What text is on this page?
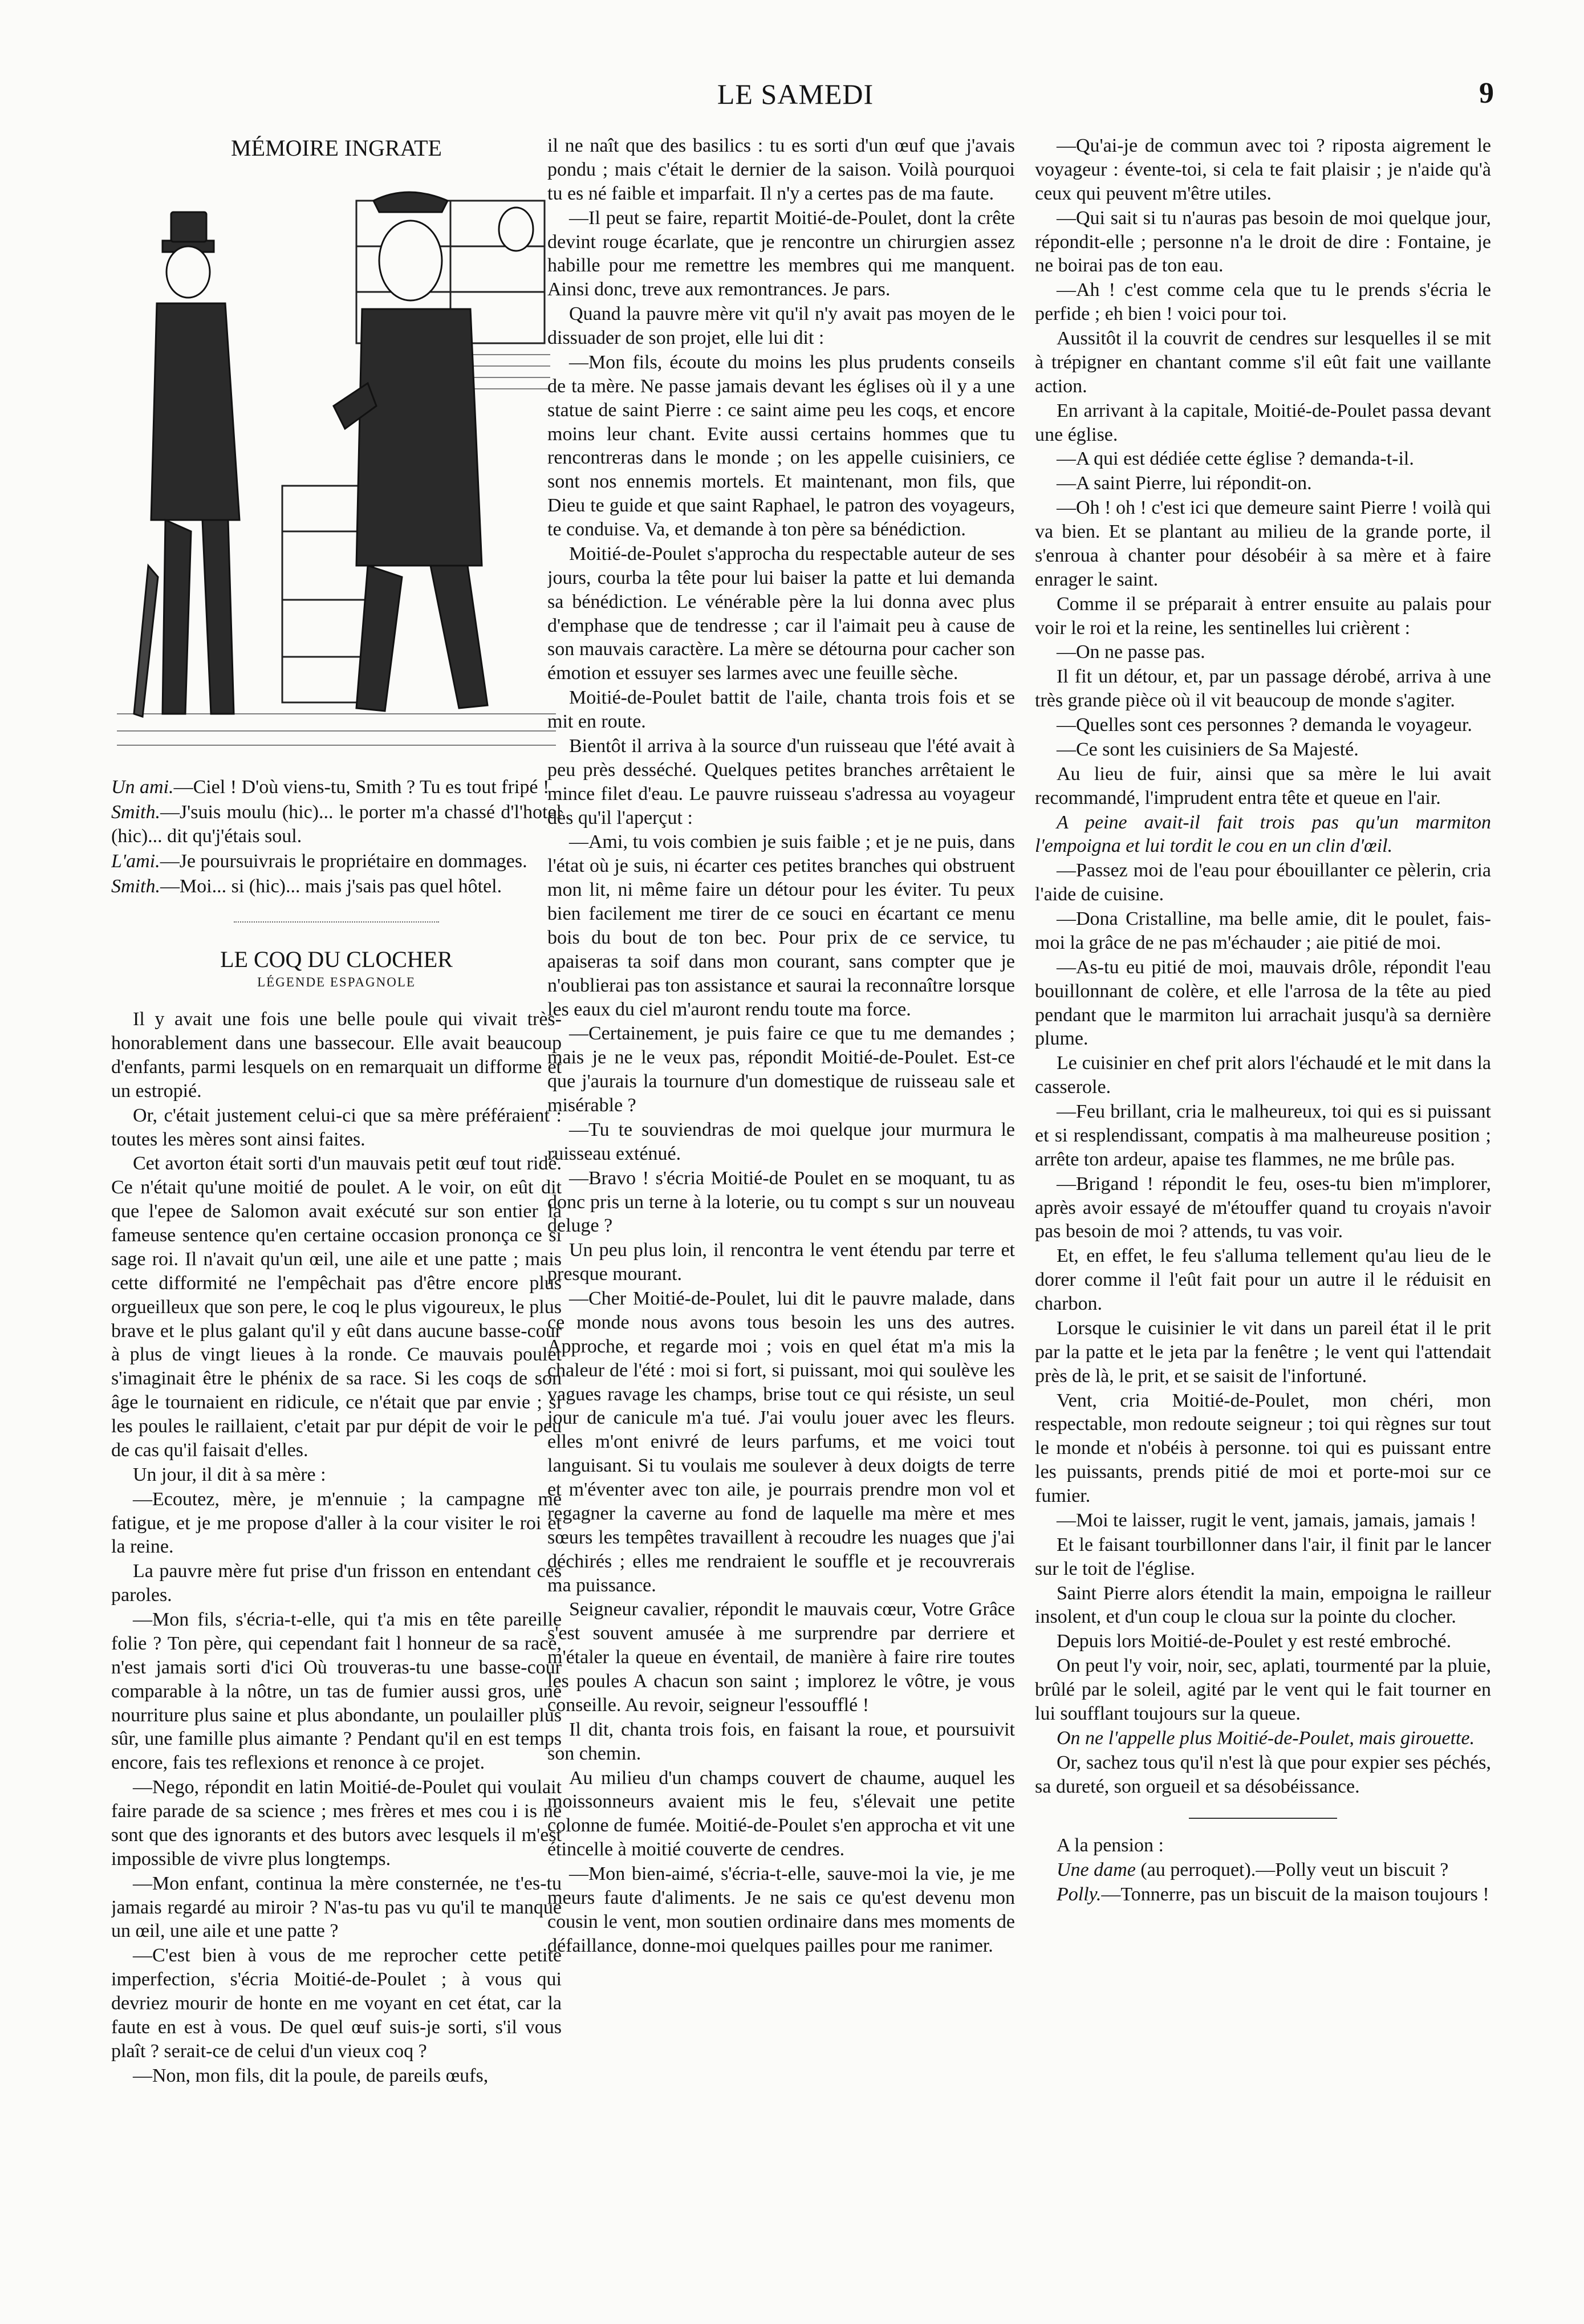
LE SAMEDI	9
MÉMOIRE INGRATE

Un ami.—Ciel ! D'où viens-tu, Smith ? Tu es tout fripé !

Smith.—J'suis moulu (hic)... le porter m'a chassé d'l'hotel (hic)... dit qu'j'étais soul.

L'ami.—Je poursuivrais le propriétaire en dommages.

Smith.—Moi... si (hic)... mais j'sais pas quel hôtel.

LE COQ DU CLOCHER
LÉGENDE ESPAGNOLE

Il y avait une fois une belle poule qui vivait très-honorablement dans une bassecour. Elle avait beaucoup d'enfants, parmi lesquels on en remarquait un difforme et un estropié.

Or, c'était justement celui-ci que sa mère préféraient : toutes les mères sont ainsi faites.

Cet avorton était sorti d'un mauvais petit œuf tout ridé. Ce n'était qu'une moitié de poulet. A le voir, on eût dit que l'epee de Salomon avait exécuté sur son entier la fameuse sentence qu'en certaine occasion prononça ce si sage roi. Il n'avait qu'un œil, une aile et une patte ; mais cette difformité ne l'empêchait pas d'être encore plus orgueilleux que son pere, le coq le plus vigoureux, le plus brave et le plus galant qu'il y eût dans aucune basse-cour à plus de vingt lieues à la ronde. Ce mauvais poulet s'imaginait être le phénix de sa race. Si les coqs de son âge le tournaient en ridicule, ce n'était que par envie ; si les poules le raillaient, c'etait par pur dépit de voir le peu de cas qu'il faisait d'elles.

Un jour, il dit à sa mère :

—Ecoutez, mère, je m'ennuie ; la campagne me fatigue, et je me propose d'aller à la cour visiter le roi et la reine.

La pauvre mère fut prise d'un frisson en entendant ces paroles.

—Mon fils, s'écria-t-elle, qui t'a mis en tête pareille folie ? Ton père, qui cependant fait l honneur de sa race, n'est jamais sorti d'ici Où trouveras-tu une basse-cour comparable à la nôtre, un tas de fumier aussi gros, une nourriture plus saine et plus abondante, un poulailler plus sûr, une famille plus aimante ? Pendant qu'il en est temps encore, fais tes reflexions et renonce à ce projet.

—Nego, répondit en latin Moitié-de-Poulet qui voulait faire parade de sa science ; mes frères et mes cou i is ne sont que des ignorants et des butors avec lesquels il m'est impossible de vivre plus longtemps.

—Mon enfant, continua la mère consternée, ne t'es-tu jamais regardé au miroir ? N'as-tu pas vu qu'il te manque un œil, une aile et une patte ?

—C'est bien à vous de me reprocher cette petite imperfection, s'écria Moitié-de-Poulet ; à vous qui devriez mourir de honte en me voyant en cet état, car la faute en est à vous. De quel œuf suis-je sorti, s'il vous plaît ? serait-ce de celui d'un vieux coq ?

—Non, mon fils, dit la poule, de pareils œufs,

il ne naît que des basilics : tu es sorti d'un œuf que j'avais pondu ; mais c'était le dernier de la saison. Voilà pourquoi tu es né faible et imparfait. Il n'y a certes pas de ma faute.

—Il peut se faire, repartit Moitié-de-Poulet, dont la crête devint rouge écarlate, que je rencontre un chirurgien assez habille pour me remettre les membres qui me manquent. Ainsi donc, treve aux remontrances. Je pars.

Quand la pauvre mère vit qu'il n'y avait pas moyen de le dissuader de son projet, elle lui dit :

—Mon fils, écoute du moins les plus prudents conseils de ta mère. Ne passe jamais devant les églises où il y a une statue de saint Pierre : ce saint aime peu les coqs, et encore moins leur chant. Evite aussi certains hommes que tu rencontreras dans le monde ; on les appelle cuisiniers, ce sont nos ennemis mortels. Et maintenant, mon fils, que Dieu te guide et que saint Raphael, le patron des voyageurs, te conduise. Va, et demande à ton père sa bénédiction.

Moitié-de-Poulet s'approcha du respectable auteur de ses jours, courba la tête pour lui baiser la patte et lui demanda sa bénédiction. Le vénérable père la lui donna avec plus d'emphase que de tendresse ; car il l'aimait peu à cause de son mauvais caractère. La mère se détourna pour cacher son émotion et essuyer ses larmes avec une feuille sèche.

Moitié-de-Poulet battit de l'aile, chanta trois fois et se mit en route.

Bientôt il arriva à la source d'un ruisseau que l'été avait à peu près desséché. Quelques petites branches arrêtaient le mince filet d'eau. Le pauvre ruisseau s'adressa au voyageur dès qu'il l'aperçut :

—Ami, tu vois combien je suis faible ; et je ne puis, dans l'état où je suis, ni écarter ces petites branches qui obstruent mon lit, ni même faire un détour pour les éviter. Tu peux bien facilement me tirer de ce souci en écartant ce menu bois du bout de ton bec. Pour prix de ce service, tu apaiseras ta soif dans mon courant, sans compter que je n'oublierai pas ton assistance et saurai la reconnaître lorsque les eaux du ciel m'auront rendu toute ma force.

—Certainement, je puis faire ce que tu me demandes ; mais je ne le veux pas, répondit Moitié-de-Poulet. Est-ce que j'aurais la tournure d'un domestique de ruisseau sale et misérable ?

—Tu te souviendras de moi quelque jour murmura le ruisseau exténué.

—Bravo ! s'écria Moitié-de Poulet en se moquant, tu as donc pris un terne à la loterie, ou tu compt s sur un nouveau deluge ?

Un peu plus loin, il rencontra le vent étendu par terre et presque mourant.

—Cher Moitié-de-Poulet, lui dit le pauvre malade, dans ce monde nous avons tous besoin les uns des autres. Approche, et regarde moi ; vois en quel état m'a mis la chaleur de l'été : moi si fort, si puissant, moi qui soulève les vagues ravage les champs, brise tout ce qui résiste, un seul jour de canicule m'a tué. J'ai voulu jouer avec les fleurs. elles m'ont enivré de leurs parfums, et me voici tout languisant. Si tu voulais me soulever à deux doigts de terre et m'éventer avec ton aile, je pourrais prendre mon vol et regagner la caverne au fond de laquelle ma mère et mes sœurs les tempêtes travaillent à recoudre les nuages que j'ai déchirés ; elles me rendraient le souffle et je recouvrerais ma puissance.

Seigneur cavalier, répondit le mauvais cœur, Votre Grâce s'est souvent amusée à me surprendre par derriere et m'étaler la queue en éventail, de manière à faire rire toutes les poules A chacun son saint ; implorez le vôtre, je vous conseille. Au revoir, seigneur l'essoufflé !

Il dit, chanta trois fois, en faisant la roue, et poursuivit son chemin.

Au milieu d'un champs couvert de chaume, auquel les moissonneurs avaient mis le feu, s'élevait une petite colonne de fumée. Moitié-de-Poulet s'en approcha et vit une étincelle à moitié couverte de cendres.

—Mon bien-aimé, s'écria-t-elle, sauve-moi la vie, je me meurs faute d'aliments. Je ne sais ce qu'est devenu mon cousin le vent, mon soutien ordinaire dans mes moments de défaillance, donne-moi quelques pailles pour me ranimer.

—Qu'ai-je de commun avec toi ? riposta aigrement le voyageur : évente-toi, si cela te fait plaisir ; je n'aide qu'à ceux qui peuvent m'être utiles.

—Qui sait si tu n'auras pas besoin de moi quelque jour, répondit-elle ; personne n'a le droit de dire : Fontaine, je ne boirai pas de ton eau.

—Ah ! c'est comme cela que tu le prends s'écria le perfide ; eh bien ! voici pour toi.

Aussitôt il la couvrit de cendres sur lesquelles il se mit à trépigner en chantant comme s'il eût fait une vaillante action.

En arrivant à la capitale, Moitié-de-Poulet passa devant une église.

—A qui est dédiée cette église ? demanda-t-il.

—A saint Pierre, lui répondit-on.

—Oh ! oh ! c'est ici que demeure saint Pierre ! voilà qui va bien. Et se plantant au milieu de la grande porte, il s'enroua à chanter pour désobéir à sa mère et à faire enrager le saint.

Comme il se préparait à entrer ensuite au palais pour voir le roi et la reine, les sentinelles lui crièrent :

—On ne passe pas.

Il fit un détour, et, par un passage dérobé, arriva à une très grande pièce où il vit beaucoup de monde s'agiter.

—Quelles sont ces personnes ? demanda le voyageur.

—Ce sont les cuisiniers de Sa Majesté.

Au lieu de fuir, ainsi que sa mère le lui avait recommandé, l'imprudent entra tête et queue en l'air.

A peine avait-il fait trois pas qu'un marmiton l'empoigna et lui tordit le cou en un clin d'œil.

—Passez moi de l'eau pour ébouillanter ce pèlerin, cria l'aide de cuisine.

—Dona Cristalline, ma belle amie, dit le poulet, fais-moi la grâce de ne pas m'échauder ; aie pitié de moi.

—As-tu eu pitié de moi, mauvais drôle, répondit l'eau bouillonnant de colère, et elle l'arrosa de la tête au pied pendant que le marmiton lui arrachait jusqu'à sa dernière plume.

Le cuisinier en chef prit alors l'échaudé et le mit dans la casserole.

—Feu brillant, cria le malheureux, toi qui es si puissant et si resplendissant, compatis à ma malheureuse position ; arrête ton ardeur, apaise tes flammes, ne me brûle pas.

—Brigand ! répondit le feu, oses-tu bien m'implorer, après avoir essayé de m'étouffer quand tu croyais n'avoir pas besoin de moi ? attends, tu vas voir.

Et, en effet, le feu s'alluma tellement qu'au lieu de le dorer comme il l'eût fait pour un autre il le réduisit en charbon.

Lorsque le cuisinier le vit dans un pareil état il le prit par la patte et le jeta par la fenêtre ; le vent qui l'attendait près de là, le prit, et se saisit de l'infortuné.

Vent, cria Moitié-de-Poulet, mon chéri, mon respectable, mon redoute seigneur ; toi qui règnes sur tout le monde et n'obéis à personne. toi qui es puissant entre les puissants, prends pitié de moi et porte-moi sur ce fumier.

—Moi te laisser, rugit le vent, jamais, jamais, jamais !

Et le faisant tourbillonner dans l'air, il finit par le lancer sur le toit de l'église.

Saint Pierre alors étendit la main, empoigna le railleur insolent, et d'un coup le cloua sur la pointe du clocher.

Depuis lors Moitié-de-Poulet y est resté embroché.

On peut l'y voir, noir, sec, aplati, tourmenté par la pluie, brûlé par le soleil, agité par le vent qui le fait tourner en lui soufflant toujours sur la queue.

On ne l'appelle plus Moitié-de-Poulet, mais girouette.

Or, sachez tous qu'il n'est là que pour expier ses péchés, sa dureté, son orgueil et sa désobéissance.

A la pension :

Une dame (au perroquet).—Polly veut un biscuit ?

Polly.—Tonnerre, pas un biscuit de la maison toujours !
